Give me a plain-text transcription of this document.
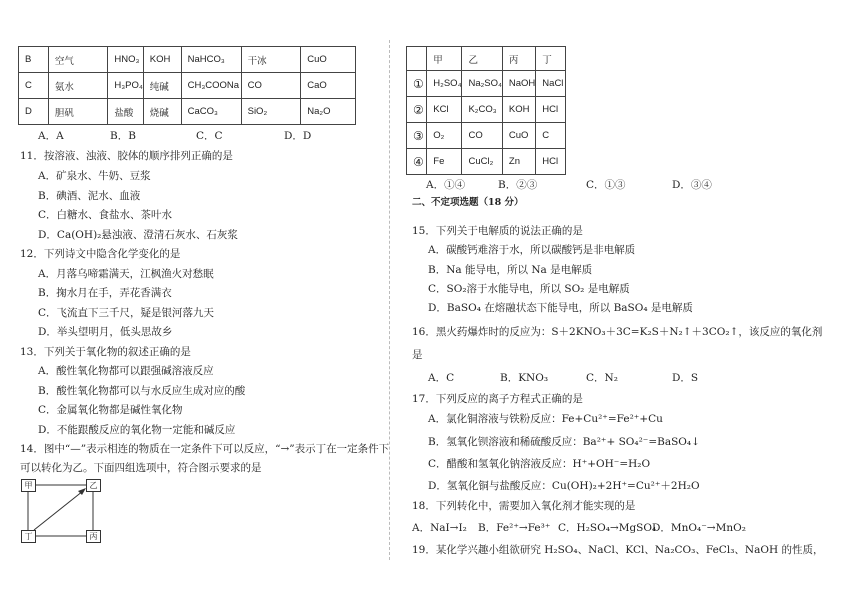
B	空气	HNO₃	KOH	NaHCO₃	干冰	CuO
C	氨水	H₃PO₄	纯碱	CH₃COONa	CO	CaO
D	胆矾	盐酸	烧碱	CaCO₃	SiO₂	Na₂O
A．A	B．B	C．C	D．D
11．按溶液、浊液、胶体的顺序排列正确的是
A．矿泉水、牛奶、豆浆
B．碘酒、泥水、血液
C．白糖水、食盐水、茶叶水
D．Ca(OH)₂悬浊液、澄清石灰水、石灰浆
12．下列诗文中隐含化学变化的是
A．月落乌啼霜满天，江枫渔火对愁眠
B．掬水月在手，弄花香满衣
C．飞流直下三千尺，疑是银河落九天
D．举头望明月，低头思故乡
13．下列关于氧化物的叙述正确的是
A．酸性氧化物都可以跟强碱溶液反应
B．酸性氧化物都可以与水反应生成对应的酸
C．金属氧化物都是碱性氧化物
D．不能跟酸反应的氧化物一定能和碱反应
14．图中“—”表示相连的物质在一定条件下可以反应，“→”表示丁在一定条件下
可以转化为乙。下面四组选项中，符合图示要求的是
甲	乙
丁	丙
	甲	乙	丙	丁
①	H₂SO₄	Na₂SO₄	NaOH	NaCl
②	KCl	K₂CO₃	KOH	HCl
③	O₂	CO	CuO	C
④	Fe	CuCl₂	Zn	HCl
A．①④	B．②③	C．①③	D．③④
二、不定项选题（18 分）
15．下列关于电解质的说法正确的是
A．碳酸钙难溶于水，所以碳酸钙是非电解质
B．Na 能导电，所以 Na 是电解质
C．SO₂溶于水能导电，所以 SO₂ 是电解质
D．BaSO₄ 在熔融状态下能导电，所以 BaSO₄ 是电解质
16．黑火药爆炸时的反应为：S＋2KNO₃＋3C=K₂S＋N₂↑＋3CO₂↑，该反应的氧化剂
是
A．C	B．KNO₃	C．N₂	D．S
17．下列反应的离子方程式正确的是
A．氯化铜溶液与铁粉反应：Fe+Cu²⁺=Fe²⁺+Cu
B．氢氧化钡溶液和稀硫酸反应：Ba²⁺+ SO₄²⁻=BaSO₄↓
C．醋酸和氢氧化钠溶液反应：H⁺+OH⁻=H₂O
D．氢氧化铜与盐酸反应：Cu(OH)₂+2H⁺=Cu²⁺＋2H₂O
18．下列转化中，需要加入氧化剂才能实现的是
A．NaI→I₂ B．Fe²⁺→Fe³⁺ C．H₂SO₄→MgSO₄
D．MnO₄⁻→MnO₂
19．某化学兴趣小组欲研究 H₂SO₄、NaCl、KCl、Na₂CO₃、FeCl₃、NaOH 的性质，
